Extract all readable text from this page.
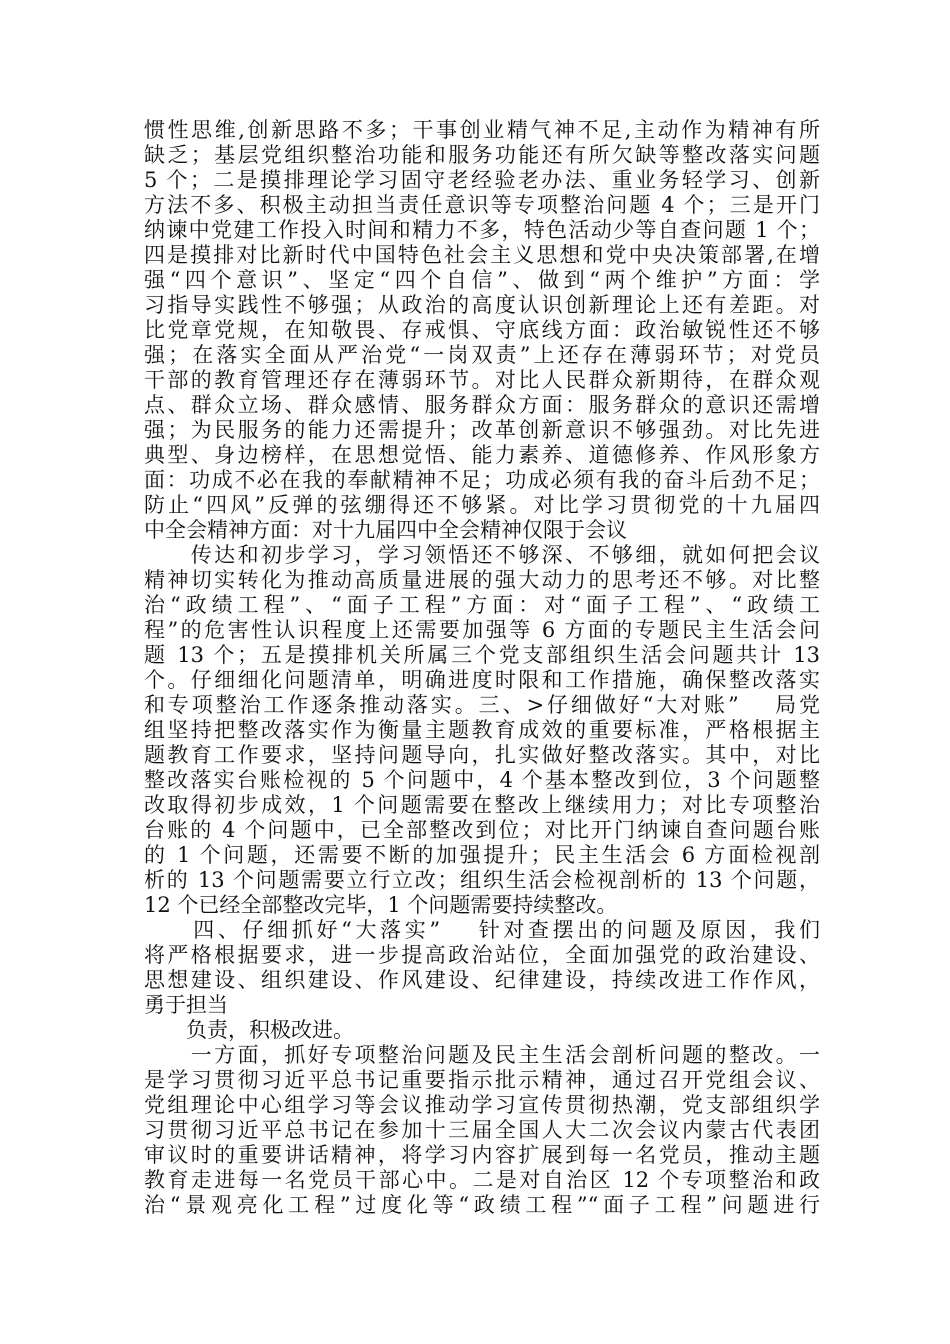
惯性思维,创新思路不多；干事创业精气神不足,主动作为精神有所
缺乏；基层党组织整治功能和服务功能还有所欠缺等整改落实问题
5 个；二是摸排理论学习固守老经验老办法、重业务轻学习、创新
方法不多、积极主动担当责任意识等专项整治问题 4 个；三是开门
纳谏中党建工作投入时间和精力不多，特色活动少等自查问题 1 个；
四是摸排对比新时代中国特色社会主义思想和党中央决策部署,在增
强“四个意识”、坚定“四个自信”、做到“两个维护”方面：学
习指导实践性不够强；从政治的高度认识创新理论上还有差距。对
比党章党规，在知敬畏、存戒惧、守底线方面：政治敏锐性还不够
强；在落实全面从严治党“一岗双责”上还存在薄弱环节；对党员
干部的教育管理还存在薄弱环节。对比人民群众新期待，在群众观
点、群众立场、群众感情、服务群众方面：服务群众的意识还需增
强；为民服务的能力还需提升；改革创新意识不够强劲。对比先进
典型、身边榜样，在思想觉悟、能力素养、道德修养、作风形象方
面：功成不必在我的奉献精神不足；功成必须有我的奋斗后劲不足；
防止“四风”反弹的弦绷得还不够紧。对比学习贯彻党的十九届四
中全会精神方面：对十九届四中全会精神仅限于会议
　　传达和初步学习，学习领悟还不够深、不够细，就如何把会议
精神切实转化为推动高质量进展的强大动力的思考还不够。对比整
治“政绩工程”、“面子工程”方面：对“面子工程”、“政绩工
程”的危害性认识程度上还需要加强等 6 方面的专题民主生活会问
题 13 个；五是摸排机关所属三个党支部组织生活会问题共计 13
个。仔细细化问题清单，明确进度时限和工作措施，确保整改落实
和专项整治工作逐条推动落实。三、>仔细做好“大对账”　 局党
组坚持把整改落实作为衡量主题教育成效的重要标准，严格根据主
题教育工作要求，坚持问题导向，扎实做好整改落实。其中，对比
整改落实台账检视的 5 个问题中，4 个基本整改到位，3 个问题整
改取得初步成效，1 个问题需要在整改上继续用力；对比专项整治
台账的 4 个问题中，已全部整改到位；对比开门纳谏自查问题台账
的 1 个问题，还需要不断的加强提升；民主生活会 6 方面检视剖
析的 13 个问题需要立行立改；组织生活会检视剖析的 13 个问题，
12 个已经全部整改完毕，1 个问题需要持续整改。
　　四、仔细抓好“大落实”　 针对查摆出的问题及原因，我们
将严格根据要求，进一步提高政治站位，全面加强党的政治建设、
思想建设、组织建设、作风建设、纪律建设，持续改进工作作风，
勇于担当
　　负责，积极改进。
　　一方面，抓好专项整治问题及民主生活会剖析问题的整改。一
是学习贯彻习近平总书记重要指示批示精神，通过召开党组会议、
党组理论中心组学习等会议推动学习宣传贯彻热潮，党支部组织学
习贯彻习近平总书记在参加十三届全国人大二次会议内蒙古代表团
审议时的重要讲话精神，将学习内容扩展到每一名党员，推动主题
教育走进每一名党员干部心中。二是对自治区 12 个专项整治和政
治“景观亮化工程”过度化等“政绩工程”“面子工程”问题进行
